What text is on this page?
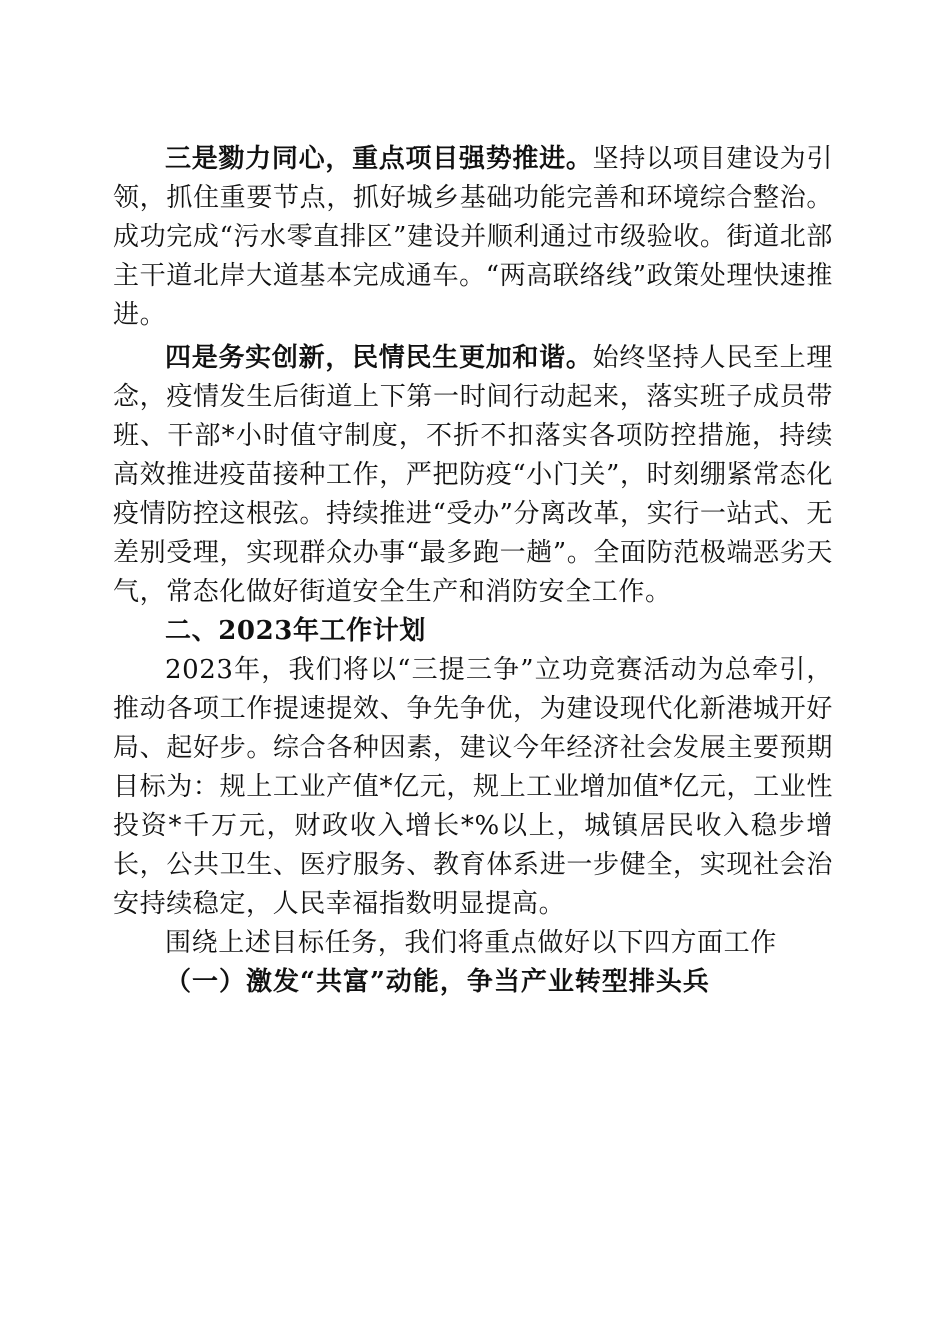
三是勠力同心，重点项目强势推进。坚持以项目建设为引领，抓住重要节点，抓好城乡基础功能完善和环境综合整治。成功完成“污水零直排区”建设并顺利通过市级验收。街道北部主干道北岸大道基本完成通车。“两高联络线”政策处理快速推进。

四是务实创新，民情民生更加和谐。始终坚持人民至上理念，疫情发生后街道上下第一时间行动起来，落实班子成员带班、干部*小时值守制度，不折不扣落实各项防控措施，持续高效推进疫苗接种工作，严把防疫“小门关”，时刻绷紧常态化疫情防控这根弦。持续推进“受办”分离改革，实行一站式、无差别受理，实现群众办事“最多跑一趟”。全面防范极端恶劣天气，常态化做好街道安全生产和消防安全工作。

二、2023年工作计划

2023年，我们将以“三提三争”立功竞赛活动为总牵引，推动各项工作提速提效、争先争优，为建设现代化新港城开好局、起好步。综合各种因素，建议今年经济社会发展主要预期目标为：规上工业产值*亿元，规上工业增加值*亿元，工业性投资*千万元，财政收入增长*%以上，城镇居民收入稳步增长，公共卫生、医疗服务、教育体系进一步健全，实现社会治安持续稳定，人民幸福指数明显提高。

围绕上述目标任务，我们将重点做好以下四方面工作

（一）激发“共富”动能，争当产业转型排头兵
